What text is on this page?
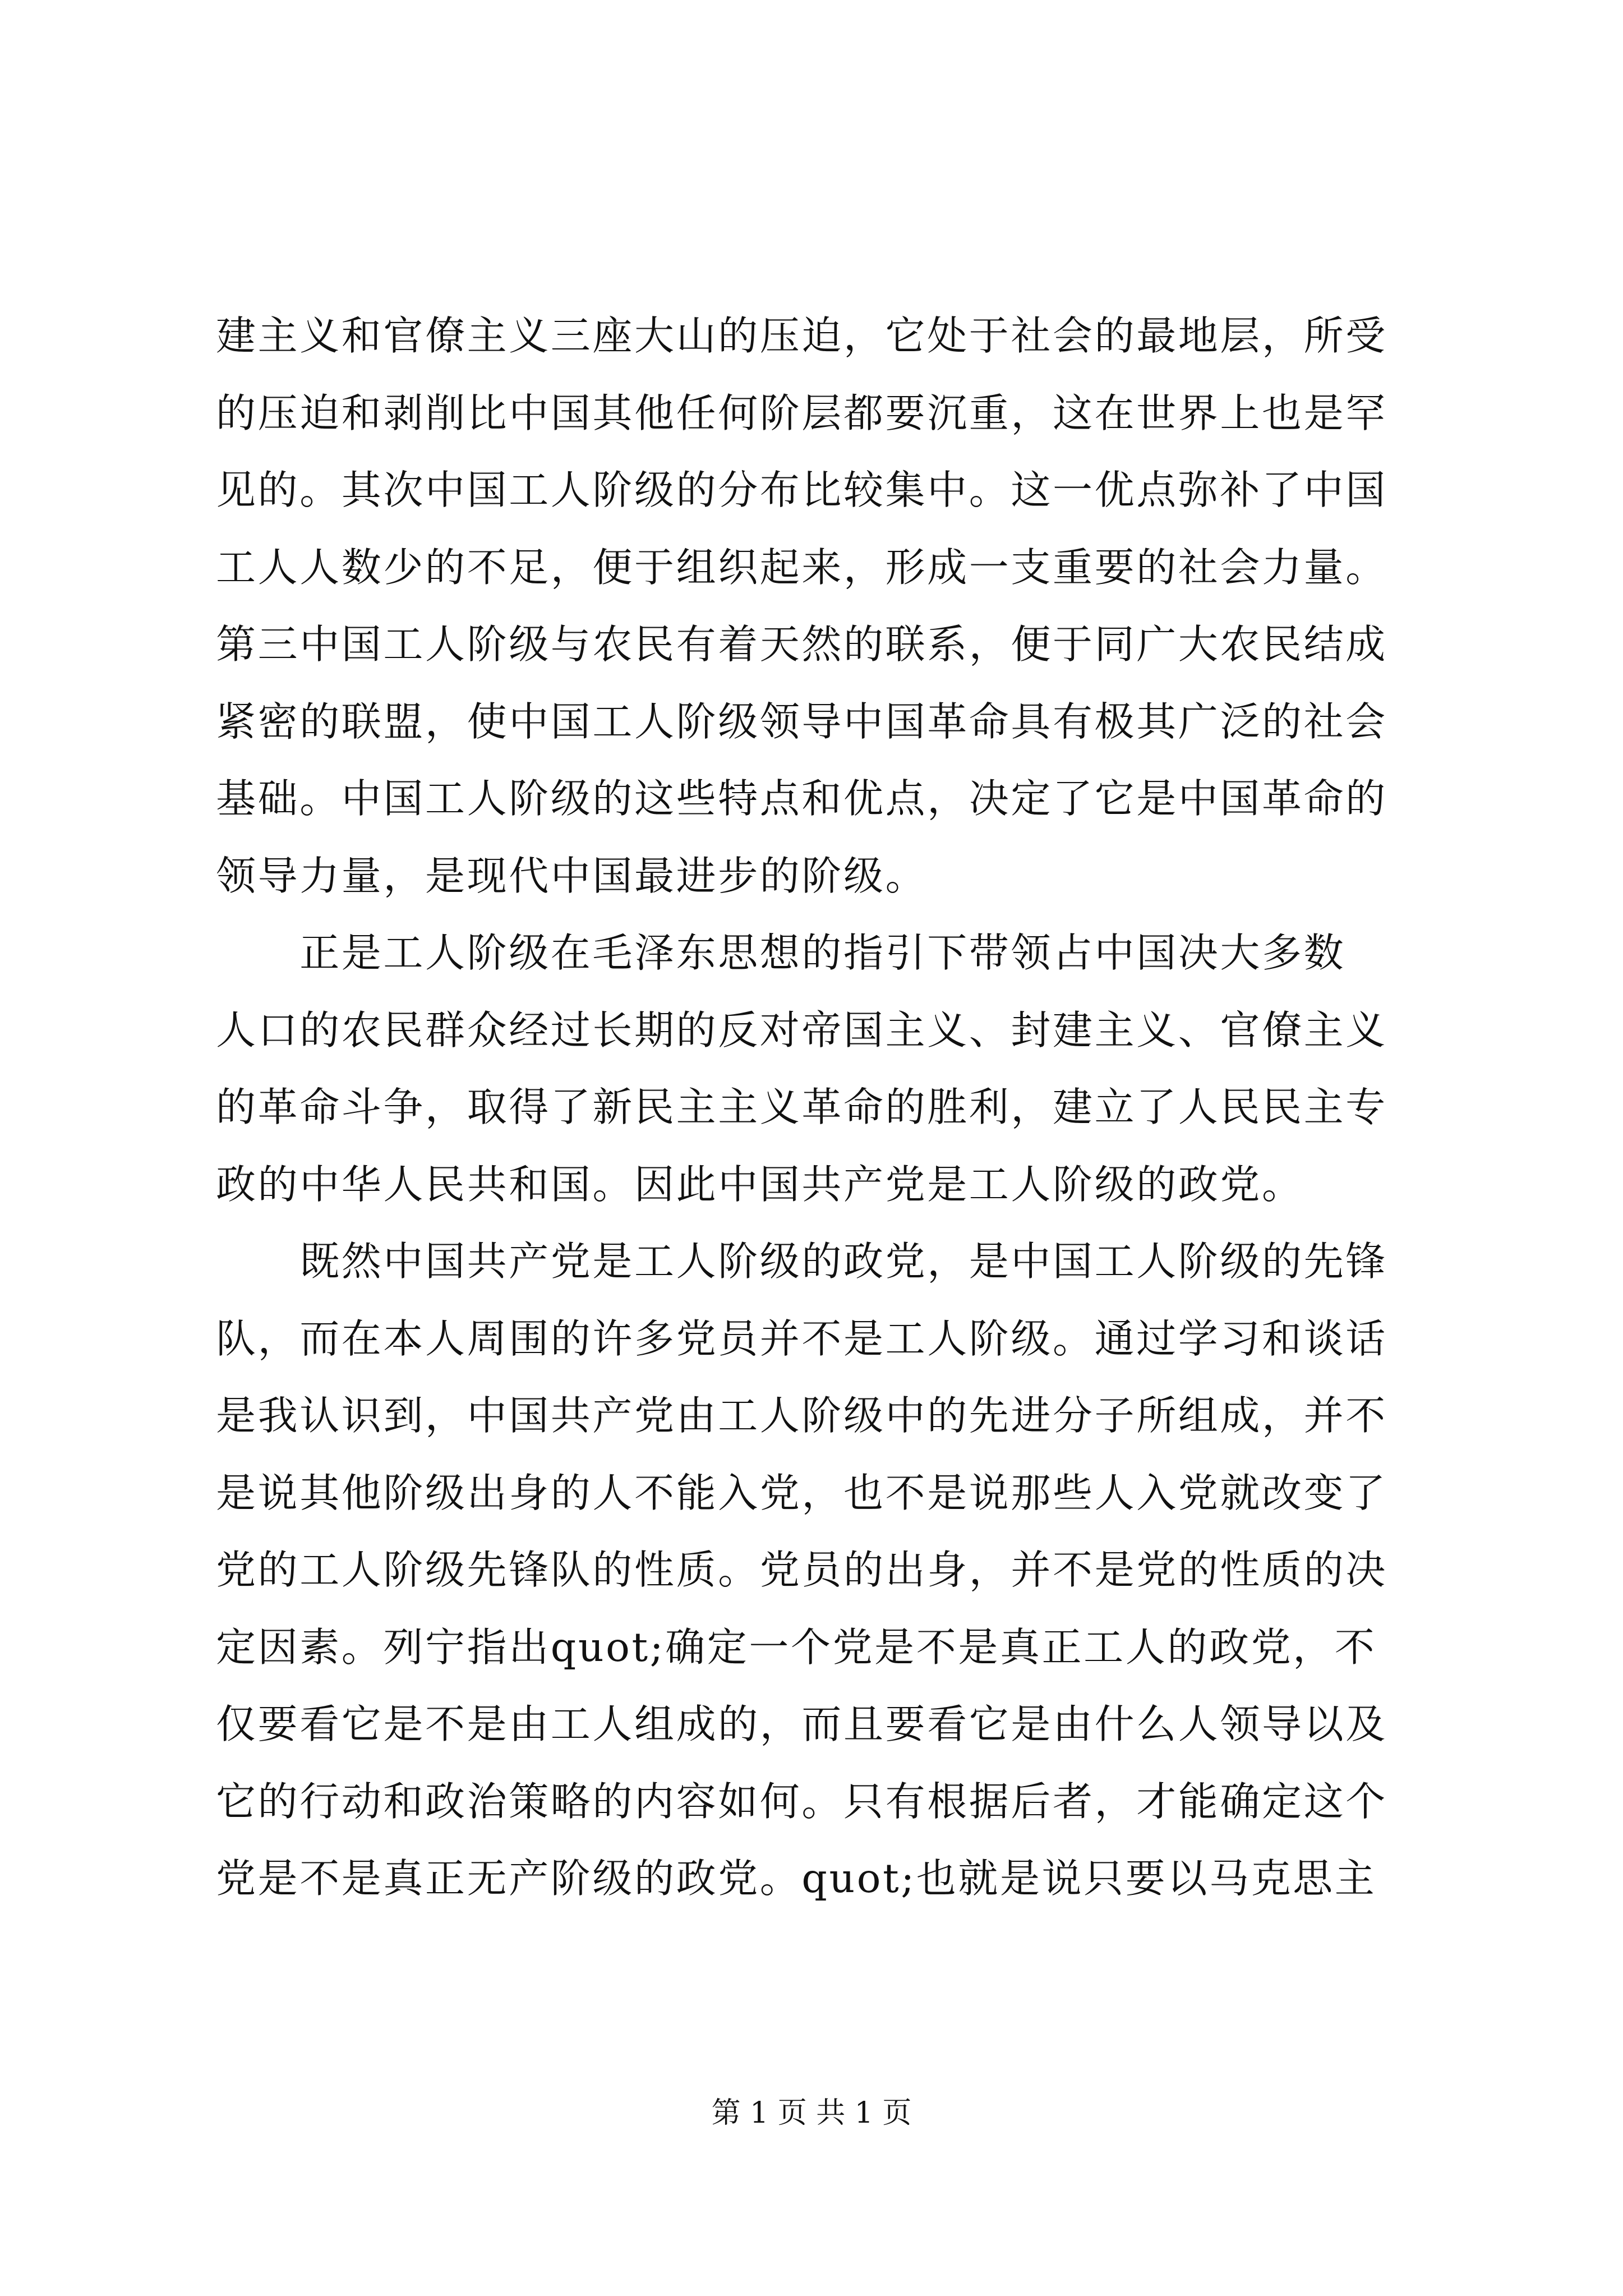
建主义和官僚主义三座大山的压迫，它处于社会的最地层，所受
的压迫和剥削比中国其他任何阶层都要沉重，这在世界上也是罕
见的。其次中国工人阶级的分布比较集中。这一优点弥补了中国
工人人数少的不足，便于组织起来，形成一支重要的社会力量。
第三中国工人阶级与农民有着天然的联系，便于同广大农民结成
紧密的联盟，使中国工人阶级领导中国革命具有极其广泛的社会
基础。中国工人阶级的这些特点和优点，决定了它是中国革命的
领导力量，是现代中国最进步的阶级。
　　正是工人阶级在毛泽东思想的指引下带领占中国决大多数
人口的农民群众经过长期的反对帝国主义、封建主义、官僚主义
的革命斗争，取得了新民主主义革命的胜利，建立了人民民主专
政的中华人民共和国。因此中国共产党是工人阶级的政党。
　　既然中国共产党是工人阶级的政党，是中国工人阶级的先锋
队，而在本人周围的许多党员并不是工人阶级。通过学习和谈话
是我认识到，中国共产党由工人阶级中的先进分子所组成，并不
是说其他阶级出身的人不能入党，也不是说那些人入党就改变了
党的工人阶级先锋队的性质。党员的出身，并不是党的性质的决
定因素。列宁指出quot;确定一个党是不是真正工人的政党，不
仅要看它是不是由工人组成的，而且要看它是由什么人领导以及
它的行动和政治策略的内容如何。只有根据后者，才能确定这个
党是不是真正无产阶级的政党。quot;也就是说只要以马克思主
第 1 页 共 1 页
